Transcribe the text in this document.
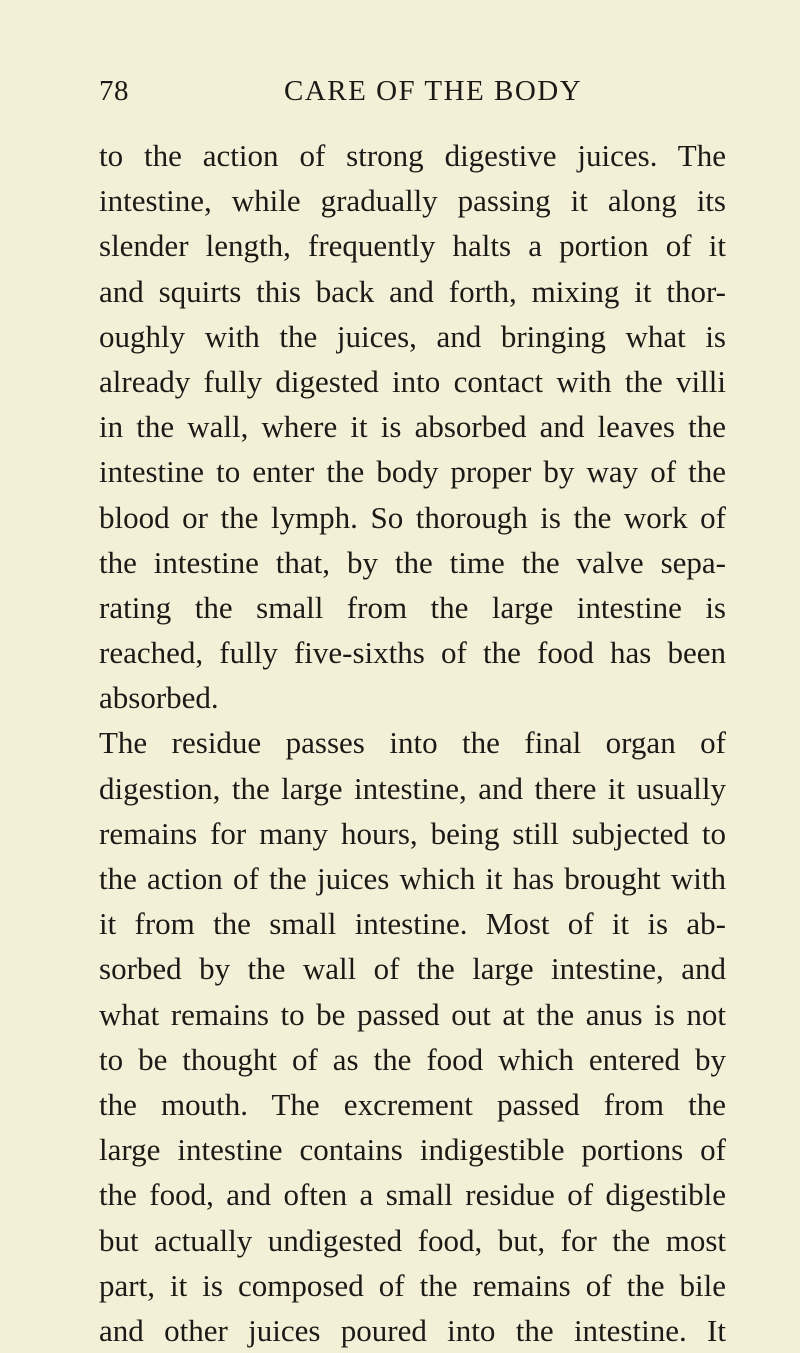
78	CARE OF THE BODY
to the action of strong digestive juices. The
intestine, while gradually passing it along its
slender length, frequently halts a portion of it
and squirts this back and forth, mixing it thor-
oughly with the juices, and bringing what is
already fully digested into contact with the villi
in the wall, where it is absorbed and leaves the
intestine to enter the body proper by way of the
blood or the lymph. So thorough is the work of
the intestine that, by the time the valve sepa-
rating the small from the large intestine is
reached, fully five-sixths of the food has been
absorbed.
The residue passes into the final organ of
digestion, the large intestine, and there it usually
remains for many hours, being still subjected to
the action of the juices which it has brought with
it from the small intestine. Most of it is ab-
sorbed by the wall of the large intestine, and
what remains to be passed out at the anus is not
to be thought of as the food which entered by
the mouth. The excrement passed from the
large intestine contains indigestible portions of
the food, and often a small residue of digestible
but actually undigested food, but, for the most
part, it is composed of the remains of the bile
and other juices poured into the intestine. It
